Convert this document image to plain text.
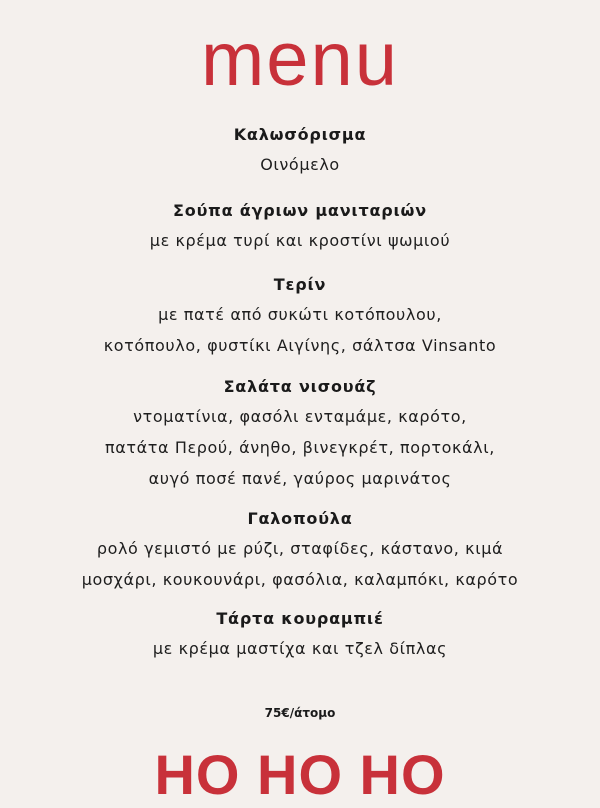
menu
Καλωσόρισμα
Οινόμελο
Σούπα άγριων μανιταριών
με κρέμα τυρί και κροστίνι ψωμιού
Τερίν
με πατέ από συκώτι κοτόπουλου,
κοτόπουλο, φυστίκι Αιγίνης, σάλτσα Vinsanto
Σαλάτα νισουάζ
ντοματίνια, φασόλι ενταμάμε, καρότο,
πατάτα Περού, άνηθο, βινεγκρέτ, πορτοκάλι,
αυγό ποσέ πανέ, γαύρος μαρινάτος
Γαλοπούλα
ρολό γεμιστό με ρύζι, σταφίδες, κάστανο, κιμά
μοσχάρι, κουκουνάρι, φασόλια, καλαμπόκι, καρότο
Τάρτα κουραμπιέ
με κρέμα μαστίχα και τζελ δίπλας
75€/άτομο
HO HO HO
